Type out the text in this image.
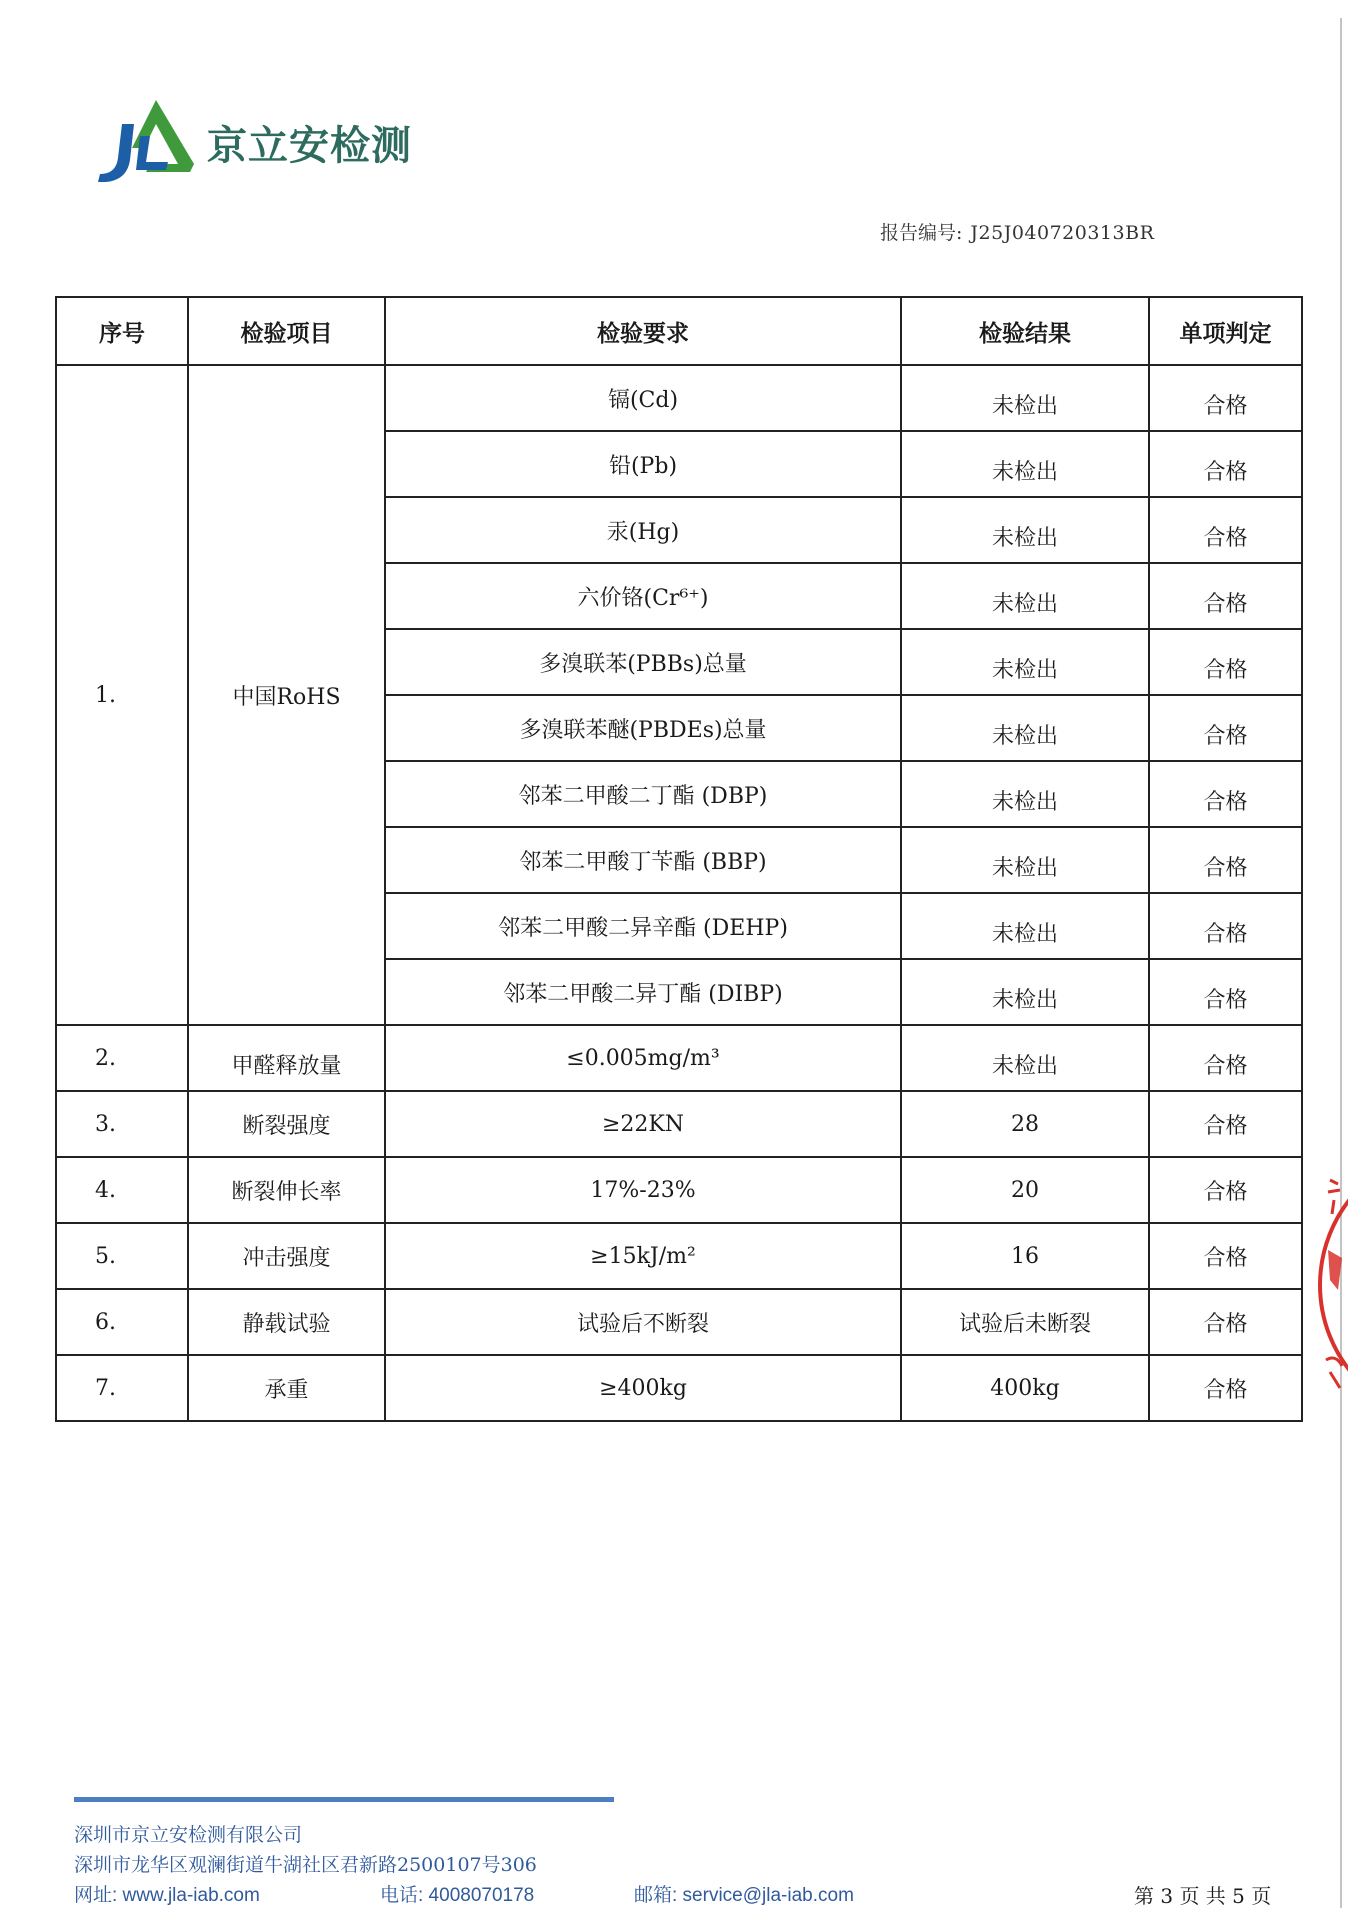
京立安检测
报告编号: J25J040720313BR
序号	检验项目	检验要求	检验结果	单项判定
1.	中国RoHS	镉(Cd)	未检出	合格
		铅(Pb)	未检出	合格
		汞(Hg)	未检出	合格
		六价铬(Cr⁶⁺)	未检出	合格
		多溴联苯(PBBs)总量	未检出	合格
		多溴联苯醚(PBDEs)总量	未检出	合格
		邻苯二甲酸二丁酯 (DBP)	未检出	合格
		邻苯二甲酸丁苄酯 (BBP)	未检出	合格
		邻苯二甲酸二异辛酯 (DEHP)	未检出	合格
		邻苯二甲酸二异丁酯 (DIBP)	未检出	合格
2.	甲醛释放量	≤0.005mg/m³	未检出	合格
3.	断裂强度	≥22KN	28	合格
4.	断裂伸长率	17%-23%	20	合格
5.	冲击强度	≥15kJ/m²	16	合格
6.	静载试验	试验后不断裂	试验后未断裂	合格
7.	承重	≥400kg	400kg	合格
深圳市京立安检测有限公司
深圳市龙华区观澜街道牛湖社区君新路2500107号306
网址: www.jla-iab.com	电话: 4008070178	邮箱: service@jla-iab.com	第 3 页 共 5 页
